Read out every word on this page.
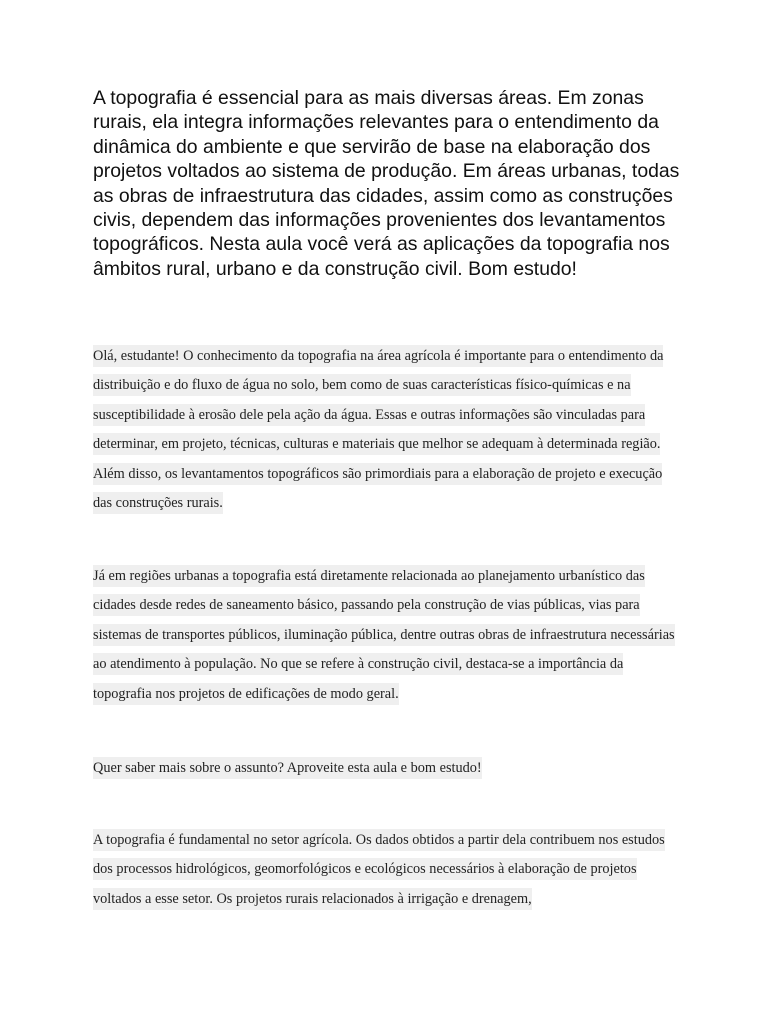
A topografia é essencial para as mais diversas áreas. Em zonas rurais, ela integra informações relevantes para o entendimento da dinâmica do ambiente e que servirão de base na elaboração dos projetos voltados ao sistema de produção. Em áreas urbanas, todas as obras de infraestrutura das cidades, assim como as construções civis, dependem das informações provenientes dos levantamentos topográficos. Nesta aula você verá as aplicações da topografia nos âmbitos rural, urbano e da construção civil. Bom estudo!

Olá, estudante! O conhecimento da topografia na área agrícola é importante para o entendimento da distribuição e do fluxo de água no solo, bem como de suas características físico-químicas e na susceptibilidade à erosão dele pela ação da água. Essas e outras informações são vinculadas para determinar, em projeto, técnicas, culturas e materiais que melhor se adequam à determinada região. Além disso, os levantamentos topográficos são primordiais para a elaboração de projeto e execução das construções rurais.

Já em regiões urbanas a topografia está diretamente relacionada ao planejamento urbanístico das cidades desde redes de saneamento básico, passando pela construção de vias públicas, vias para sistemas de transportes públicos, iluminação pública, dentre outras obras de infraestrutura necessárias ao atendimento à população. No que se refere à construção civil, destaca-se a importância da topografia nos projetos de edificações de modo geral.

Quer saber mais sobre o assunto? Aproveite esta aula e bom estudo!

A topografia é fundamental no setor agrícola. Os dados obtidos a partir dela contribuem nos estudos dos processos hidrológicos, geomorfológicos e ecológicos necessários à elaboração de projetos voltados a esse setor. Os projetos rurais relacionados à irrigação e drenagem,
